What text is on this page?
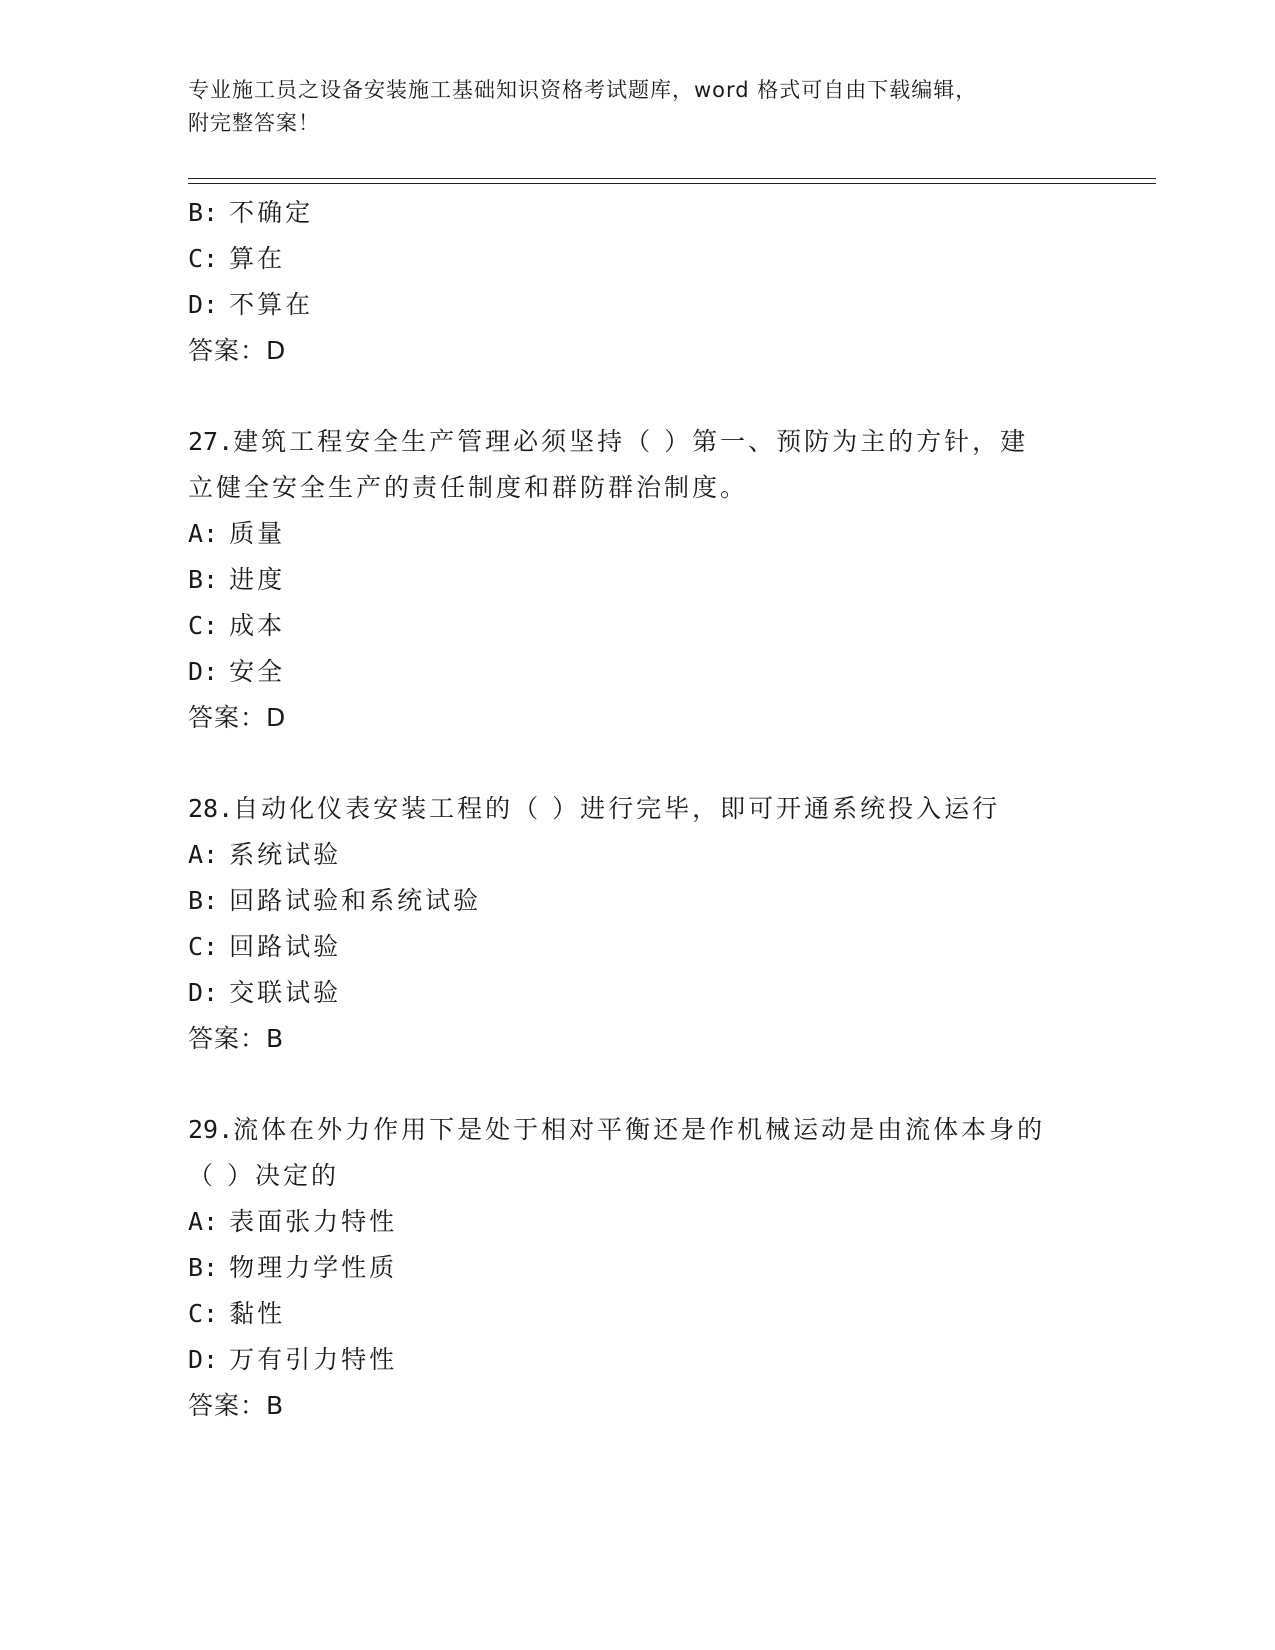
专业施工员之设备安装施工基础知识资格考试题库，word 格式可自由下载编辑，
附完整答案！
B: 不确定
C: 算在
D: 不算在
答案：D
27.建筑工程安全生产管理必须坚持（ ）第一、预防为主的方针，建
立健全安全生产的责任制度和群防群治制度。
A: 质量
B: 进度
C: 成本
D: 安全
答案：D
28.自动化仪表安装工程的（ ）进行完毕，即可开通系统投入运行
A: 系统试验
B: 回路试验和系统试验
C: 回路试验
D: 交联试验
答案：B
29.流体在外力作用下是处于相对平衡还是作机械运动是由流体本身的
（ ）决定的
A: 表面张力特性
B: 物理力学性质
C: 黏性
D: 万有引力特性
答案：B
